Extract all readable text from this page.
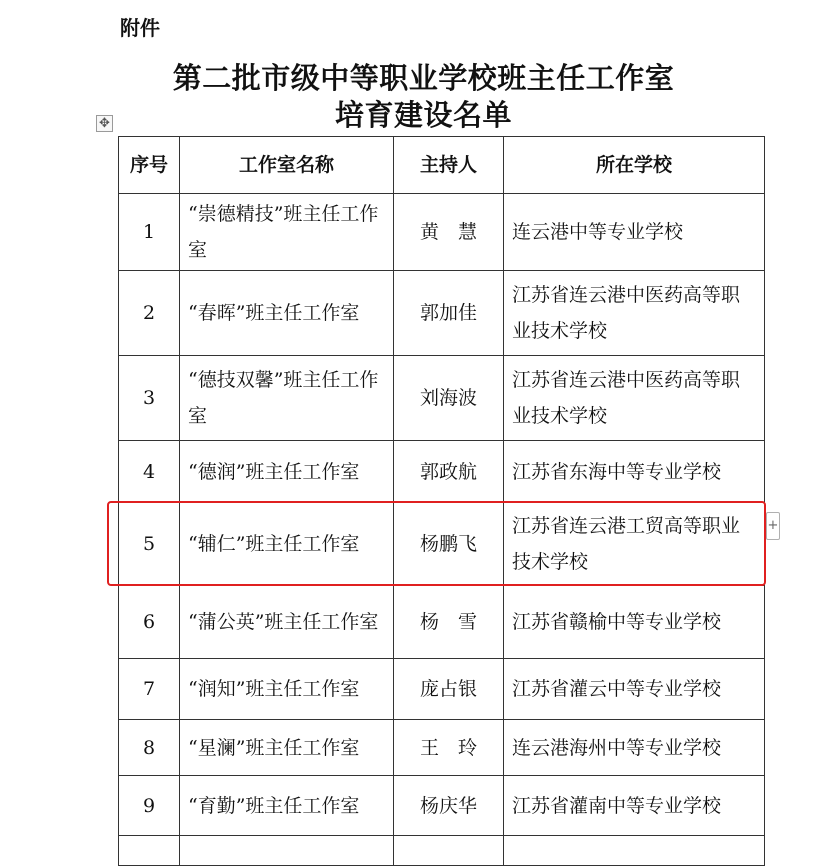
附件
第二批市级中等职业学校班主任工作室
培育建设名单
✥
序号	工作室名称	主持人	所在学校
1	“崇德精技”班主任工作室	黄　慧	连云港中等专业学校
2	“春晖”班主任工作室	郭加佳	江苏省连云港中医药高等职业技术学校
3	“德技双馨”班主任工作室	刘海波	江苏省连云港中医药高等职业技术学校
4	“德润”班主任工作室	郭政航	江苏省东海中等专业学校
5	“辅仁”班主任工作室	杨鹏飞	江苏省连云港工贸高等职业技术学校
6	“蒲公英”班主任工作室	杨　雪	江苏省赣榆中等专业学校
7	“润知”班主任工作室	庞占银	江苏省灌云中等专业学校
8	“星澜”班主任工作室	王　玲	连云港海州中等专业学校
9	“育勤”班主任工作室	杨庆华	江苏省灌南中等专业学校

+
